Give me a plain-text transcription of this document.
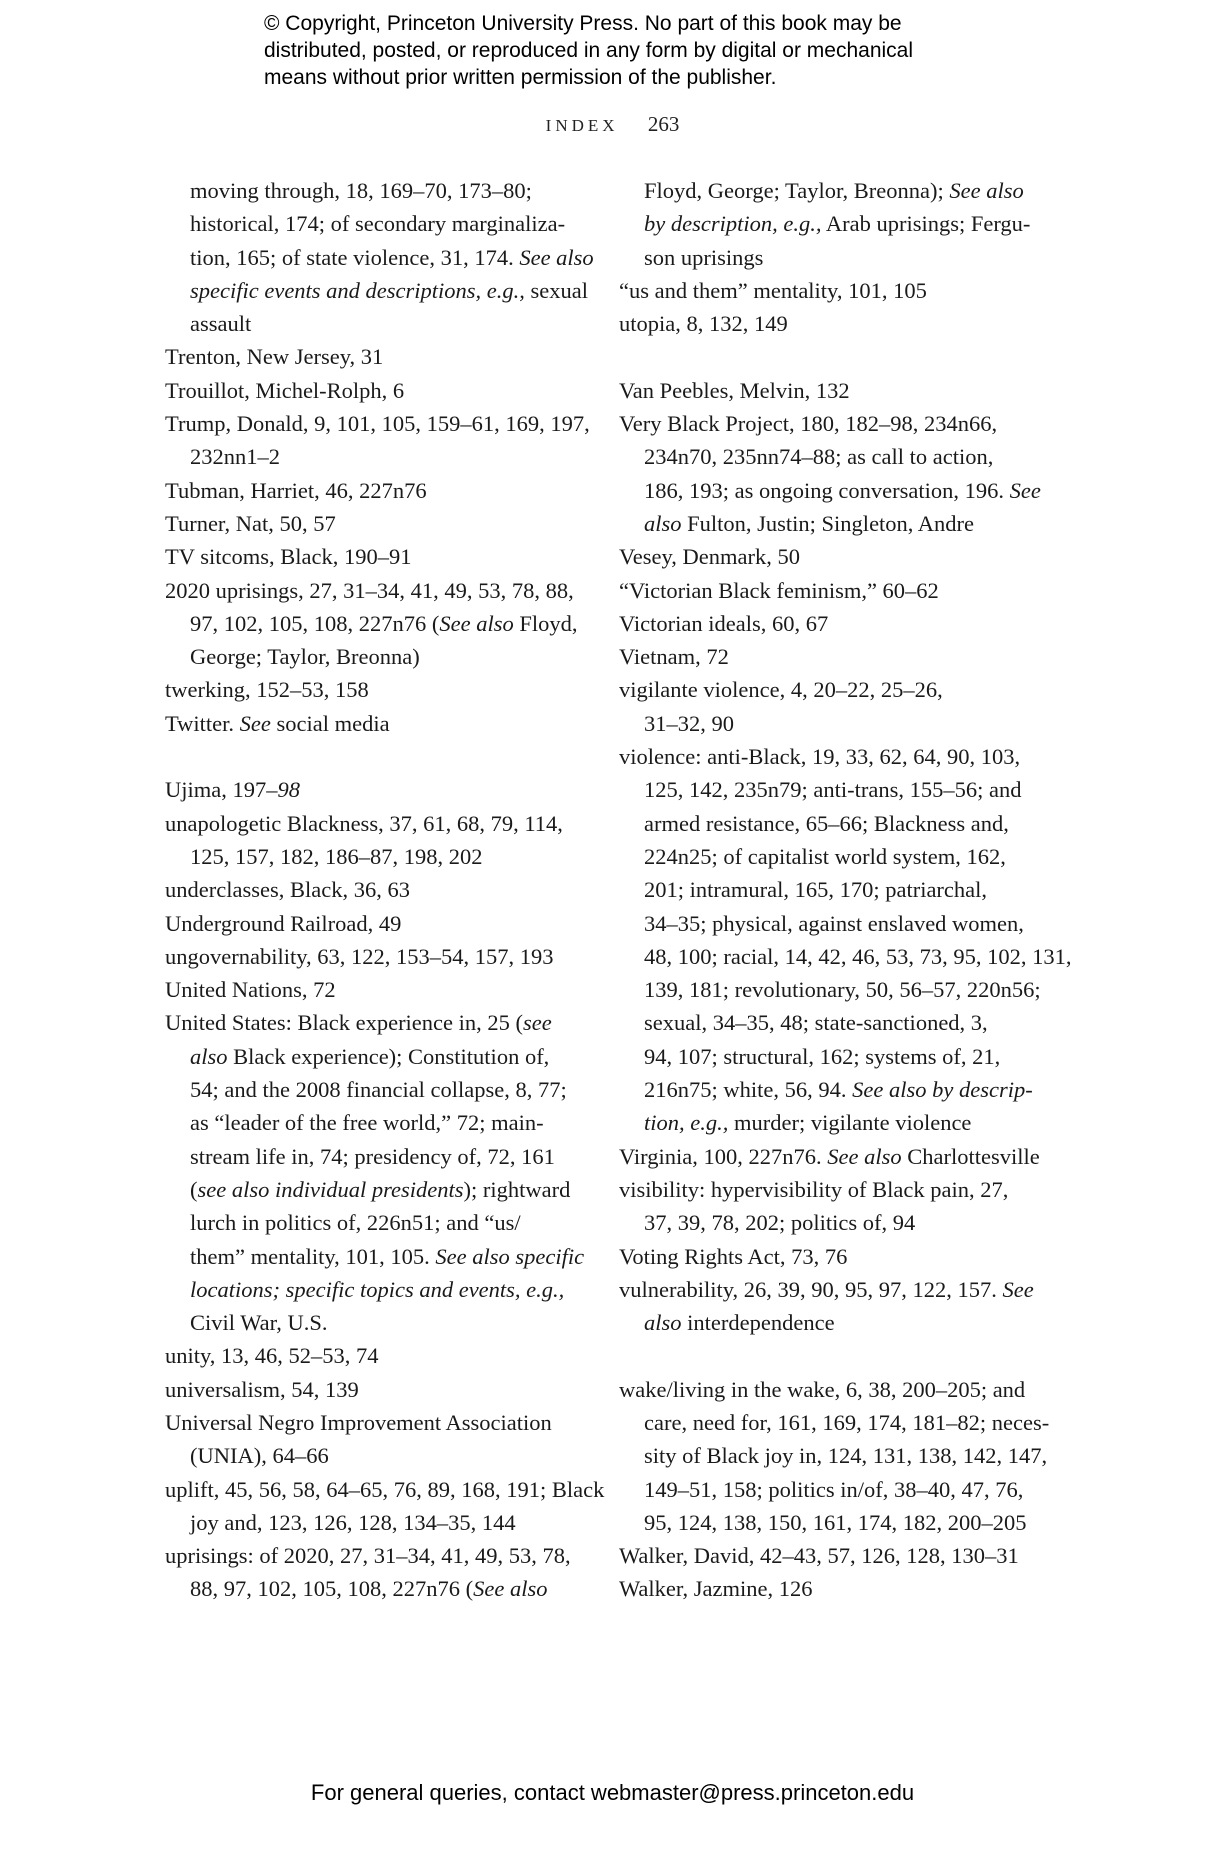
© Copyright, Princeton University Press. No part of this book may be
distributed, posted, or reproduced in any form by digital or mechanical
means without prior written permission of the publisher.
INDEX 263
moving through, 18, 169–70, 173–80;
historical, 174; of secondary marginaliza-
tion, 165; of state violence, 31, 174. See also
specific events and descriptions, e.g., sexual
assault
Trenton, New Jersey, 31
Trouillot, Michel-Rolph, 6
Trump, Donald, 9, 101, 105, 159–61, 169, 197,
232nn1–2
Tubman, Harriet, 46, 227n76
Turner, Nat, 50, 57
TV sitcoms, Black, 190–91
2020 uprisings, 27, 31–34, 41, 49, 53, 78, 88,
97, 102, 105, 108, 227n76 (See also Floyd,
George; Taylor, Breonna)
twerking, 152–53, 158
Twitter. See social media
Ujima, 197–98
unapologetic Blackness, 37, 61, 68, 79, 114,
125, 157, 182, 186–87, 198, 202
underclasses, Black, 36, 63
Underground Railroad, 49
ungovernability, 63, 122, 153–54, 157, 193
United Nations, 72
United States: Black experience in, 25 (see
also Black experience); Constitution of,
54; and the 2008 financial collapse, 8, 77;
as “leader of the free world,” 72; main-
stream life in, 74; presidency of, 72, 161
(see also individual presidents); rightward
lurch in politics of, 226n51; and “us/
them” mentality, 101, 105. See also specific
locations; specific topics and events, e.g.,
Civil War, U.S.
unity, 13, 46, 52–53, 74
universalism, 54, 139
Universal Negro Improvement Association
(UNIA), 64–66
uplift, 45, 56, 58, 64–65, 76, 89, 168, 191; Black
joy and, 123, 126, 128, 134–35, 144
uprisings: of 2020, 27, 31–34, 41, 49, 53, 78,
88, 97, 102, 105, 108, 227n76 (See also
Floyd, George; Taylor, Breonna); See also
by description, e.g., Arab uprisings; Fergu-
son uprisings
“us and them” mentality, 101, 105
utopia, 8, 132, 149
Van Peebles, Melvin, 132
Very Black Project, 180, 182–98, 234n66,
234n70, 235nn74–88; as call to action,
186, 193; as ongoing conversation, 196. See
also Fulton, Justin; Singleton, Andre
Vesey, Denmark, 50
“Victorian Black feminism,” 60–62
Victorian ideals, 60, 67
Vietnam, 72
vigilante violence, 4, 20–22, 25–26,
31–32, 90
violence: anti-Black, 19, 33, 62, 64, 90, 103,
125, 142, 235n79; anti-trans, 155–56; and
armed resistance, 65–66; Blackness and,
224n25; of capitalist world system, 162,
201; intramural, 165, 170; patriarchal,
34–35; physical, against enslaved women,
48, 100; racial, 14, 42, 46, 53, 73, 95, 102, 131,
139, 181; revolutionary, 50, 56–57, 220n56;
sexual, 34–35, 48; state-sanctioned, 3,
94, 107; structural, 162; systems of, 21,
216n75; white, 56, 94. See also by descrip-
tion, e.g., murder; vigilante violence
Virginia, 100, 227n76. See also Charlottesville
visibility: hypervisibility of Black pain, 27,
37, 39, 78, 202; politics of, 94
Voting Rights Act, 73, 76
vulnerability, 26, 39, 90, 95, 97, 122, 157. See
also interdependence
wake/living in the wake, 6, 38, 200–205; and
care, need for, 161, 169, 174, 181–82; neces-
sity of Black joy in, 124, 131, 138, 142, 147,
149–51, 158; politics in/of, 38–40, 47, 76,
95, 124, 138, 150, 161, 174, 182, 200–205
Walker, David, 42–43, 57, 126, 128, 130–31
Walker, Jazmine, 126
For general queries, contact webmaster@press.princeton.edu
